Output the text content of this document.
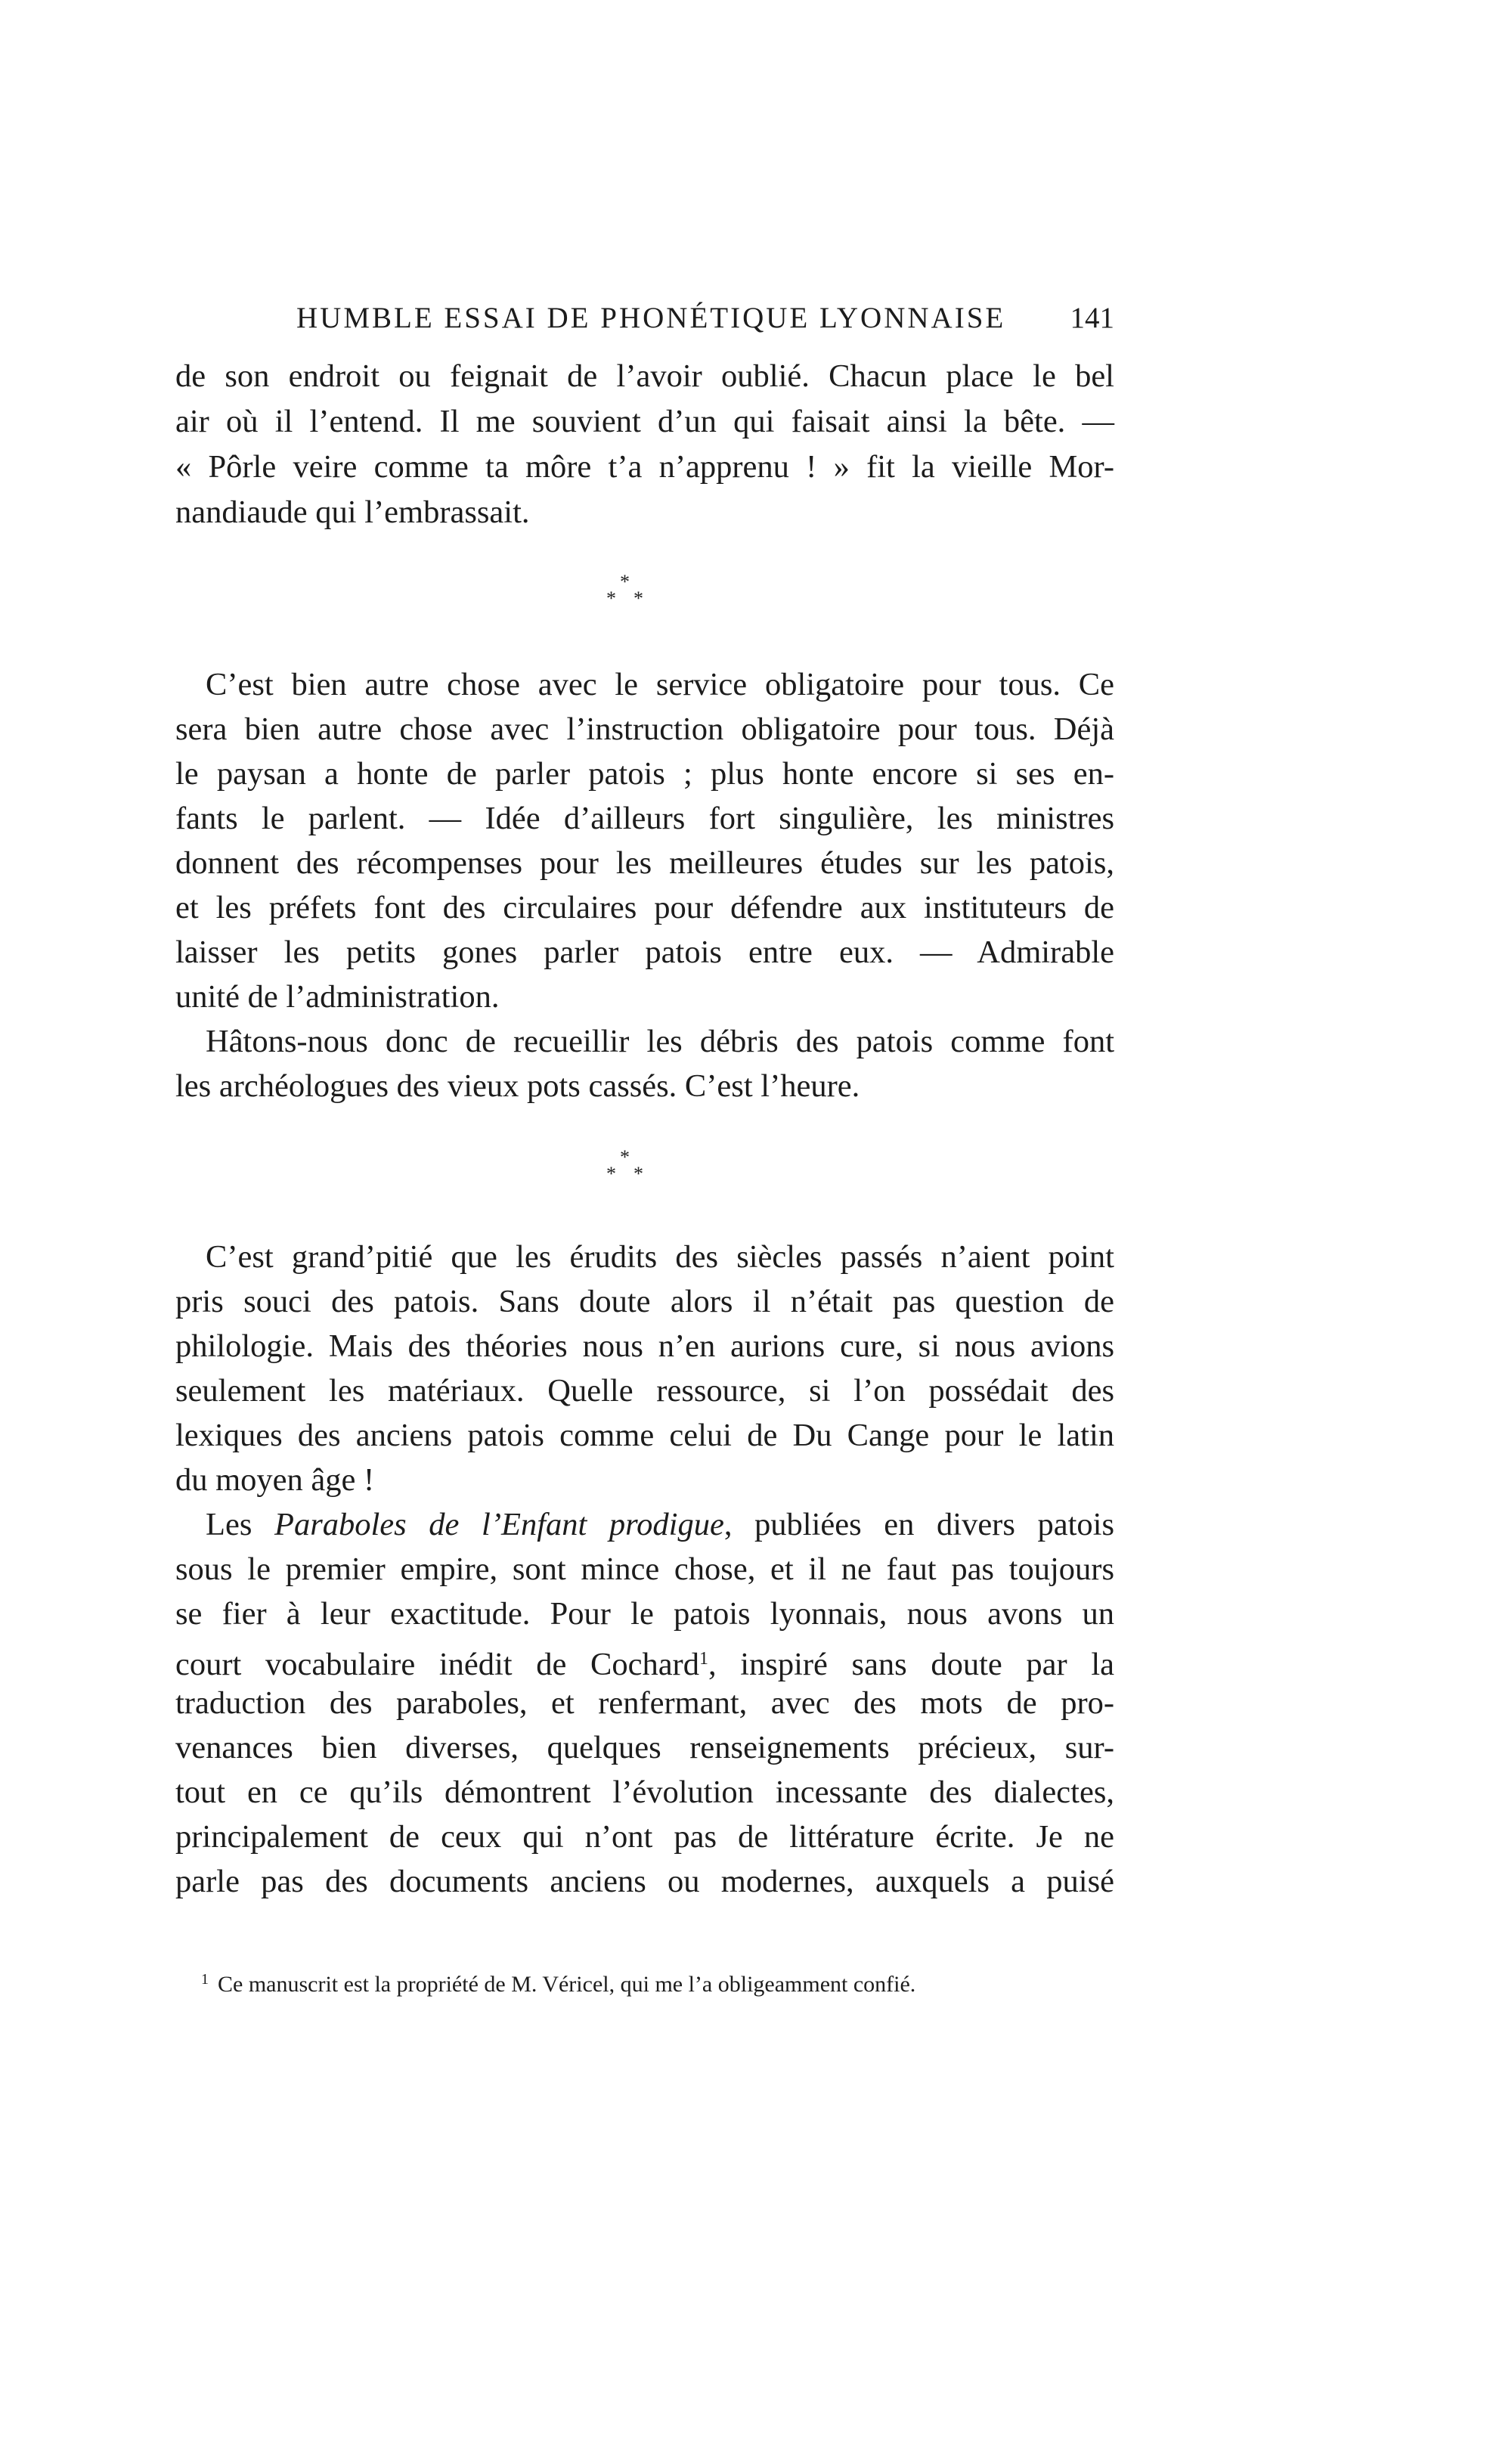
HUMBLE ESSAI DE PHONÉTIQUE LYONNAISE 141
de son endroit ou feignait de l’avoir oublié. Chacun place le bel
air où il l’entend. Il me souvient d’un qui faisait ainsi la bête. —
« Pôrle veire comme ta môre t’a n’apprenu ! » fit la vieille Mor-
nandiaude qui l’embrassait.
*
* *
C’est bien autre chose avec le service obligatoire pour tous. Ce
sera bien autre chose avec l’instruction obligatoire pour tous. Déjà
le paysan a honte de parler patois ; plus honte encore si ses en-
fants le parlent. — Idée d’ailleurs fort singulière, les ministres
donnent des récompenses pour les meilleures études sur les patois,
et les préfets font des circulaires pour défendre aux instituteurs de
laisser les petits gones parler patois entre eux. — Admirable
unité de l’administration.
Hâtons-nous donc de recueillir les débris des patois comme font
les archéologues des vieux pots cassés. C’est l’heure.
*
* *
C’est grand’pitié que les érudits des siècles passés n’aient point
pris souci des patois. Sans doute alors il n’était pas question de
philologie. Mais des théories nous n’en aurions cure, si nous avions
seulement les matériaux. Quelle ressource, si l’on possédait des
lexiques des anciens patois comme celui de Du Cange pour le latin
du moyen âge !
Les Paraboles de l’Enfant prodigue, publiées en divers patois
sous le premier empire, sont mince chose, et il ne faut pas toujours
se fier à leur exactitude. Pour le patois lyonnais, nous avons un
court vocabulaire inédit de Cochard$^1$, inspiré sans doute par la
traduction des paraboles, et renfermant, avec des mots de pro-
venances bien diverses, quelques renseignements précieux, sur-
tout en ce qu’ils démontrent l’évolution incessante des dialectes,
principalement de ceux qui n’ont pas de littérature écrite. Je ne
parle pas des documents anciens ou modernes, auxquels a puisé
$^1$ Ce manuscrit est la propriété de M. Véricel, qui me l’a obligeamment confié.
